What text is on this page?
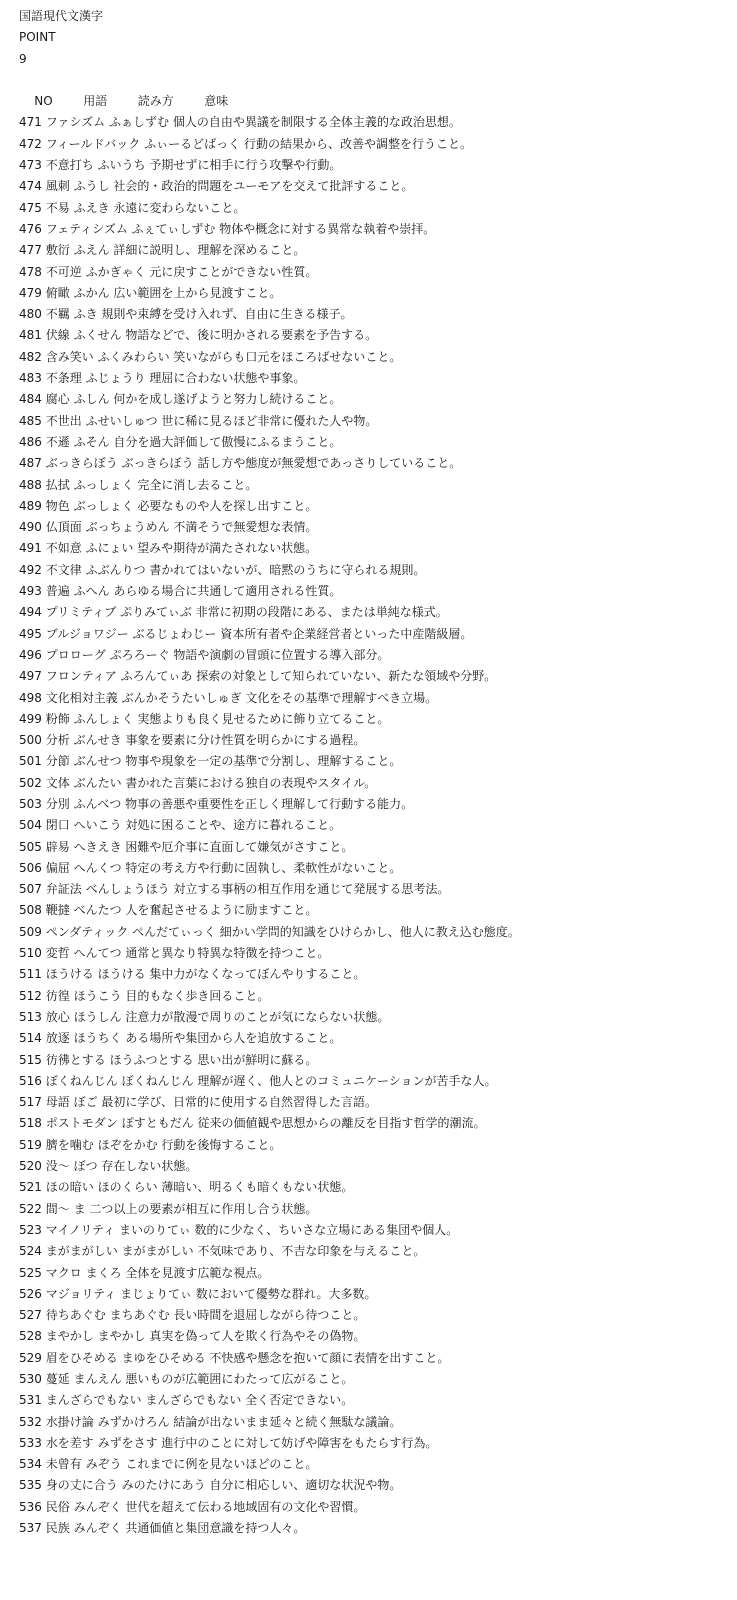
国語現代文漢字
POINT
9
NO	用語	読み方	意味
471 ファシズム ふぁしずむ 個人の自由や異議を制限する全体主義的な政治思想。
472 フィールドバック ふぃーるどばっく 行動の結果から、改善や調整を行うこと。
473 不意打ち ふいうち 予期せずに相手に行う攻撃や行動。
474 風刺 ふうし 社会的・政治的問題をユーモアを交えて批評すること。
475 不易 ふえき 永遠に変わらないこと。
476 フェティシズム ふぇてぃしずむ 物体や概念に対する異常な執着や崇拝。
477 敷衍 ふえん 詳細に説明し、理解を深めること。
478 不可逆 ふかぎゃく 元に戻すことができない性質。
479 俯瞰 ふかん 広い範囲を上から見渡すこと。
480 不羈 ふき 規則や束縛を受け入れず、自由に生きる様子。
481 伏線 ふくせん 物語などで、後に明かされる要素を予告する。
482 含み笑い ふくみわらい 笑いながらも口元をほころばせないこと。
483 不条理 ふじょうり 理屈に合わない状態や事象。
484 腐心 ふしん 何かを成し遂げようと努力し続けること。
485 不世出 ふせいしゅつ 世に稀に見るほど非常に優れた人や物。
486 不遜 ふそん 自分を過大評価して傲慢にふるまうこと。
487 ぶっきらぼう ぶっきらぼう 話し方や態度が無愛想であっさりしていること。
488 払拭 ふっしょく 完全に消し去ること。
489 物色 ぶっしょく 必要なものや人を探し出すこと。
490 仏頂面 ぶっちょうめん 不満そうで無愛想な表情。
491 不如意 ふにょい 望みや期待が満たされない状態。
492 不文律 ふぶんりつ 書かれてはいないが、暗黙のうちに守られる規則。
493 普遍 ふへん あらゆる場合に共通して適用される性質。
494 プリミティブ ぷりみてぃぶ 非常に初期の段階にある、または単純な様式。
495 ブルジョワジー ぶるじょわじー 資本所有者や企業経営者といった中産階級層。
496 プロローグ ぷろろーぐ 物語や演劇の冒頭に位置する導入部分。
497 フロンティア ふろんてぃあ 探索の対象として知られていない、新たな領域や分野。
498 文化相対主義 ぶんかそうたいしゅぎ 文化をその基準で理解すべき立場。
499 粉飾 ふんしょく 実態よりも良く見せるために飾り立てること。
500 分析 ぶんせき 事象を要素に分け性質を明らかにする過程。
501 分節 ぶんせつ 物事や現象を一定の基準で分割し、理解すること。
502 文体 ぶんたい 書かれた言葉における独自の表現やスタイル。
503 分別 ふんべつ 物事の善悪や重要性を正しく理解して行動する能力。
504 閉口 へいこう 対処に困ることや、途方に暮れること。
505 辟易 へきえき 困難や厄介事に直面して嫌気がさすこと。
506 偏屈 へんくつ 特定の考え方や行動に固執し、柔軟性がないこと。
507 弁証法 べんしょうほう 対立する事柄の相互作用を通じて発展する思考法。
508 鞭撻 べんたつ 人を奮起させるように励ますこと。
509 ペンダティック ぺんだてぃっく 細かい学問的知識をひけらかし、他人に教え込む態度。
510 変哲 へんてつ 通常と異なり特異な特徴を持つこと。
511 ほうける ほうける 集中力がなくなってぼんやりすること。
512 彷徨 ほうこう 目的もなく歩き回ること。
513 放心 ほうしん 注意力が散漫で周りのことが気にならない状態。
514 放逐 ほうちく ある場所や集団から人を追放すること。
515 彷彿とする ほうふつとする 思い出が鮮明に蘇る。
516 ぼくねんじん ぼくねんじん 理解が遅く、他人とのコミュニケーションが苦手な人。
517 母語 ぼご 最初に学び、日常的に使用する自然習得した言語。
518 ポストモダン ぽすともだん 従来の価値観や思想からの離反を目指す哲学的潮流。
519 臍を噛む ほぞをかむ 行動を後悔すること。
520 没～ ぼつ 存在しない状態。
521 ほの暗い ほのくらい 薄暗い、明るくも暗くもない状態。
522 間～ ま 二つ以上の要素が相互に作用し合う状態。
523 マイノリティ まいのりてぃ 数的に少なく、ちいさな立場にある集団や個人。
524 まがまがしい まがまがしい 不気味であり、不吉な印象を与えること。
525 マクロ まくろ 全体を見渡す広範な視点。
526 マジョリティ まじょりてぃ 数において優勢な群れ。大多数。
527 待ちあぐむ まちあぐむ 長い時間を退屈しながら待つこと。
528 まやかし まやかし 真実を偽って人を欺く行為やその偽物。
529 眉をひそめる まゆをひそめる 不快感や懸念を抱いて顔に表情を出すこと。
530 蔓延 まんえん 悪いものが広範囲にわたって広がること。
531 まんざらでもない まんざらでもない 全く否定できない。
532 水掛け論 みずかけろん 結論が出ないまま延々と続く無駄な議論。
533 水を差す みずをさす 進行中のことに対して妨げや障害をもたらす行為。
534 未曾有 みぞう これまでに例を見ないほどのこと。
535 身の丈に合う みのたけにあう 自分に相応しい、適切な状況や物。
536 民俗 みんぞく 世代を超えて伝わる地域固有の文化や習慣。
537 民族 みんぞく 共通価値と集団意識を持つ人々。
